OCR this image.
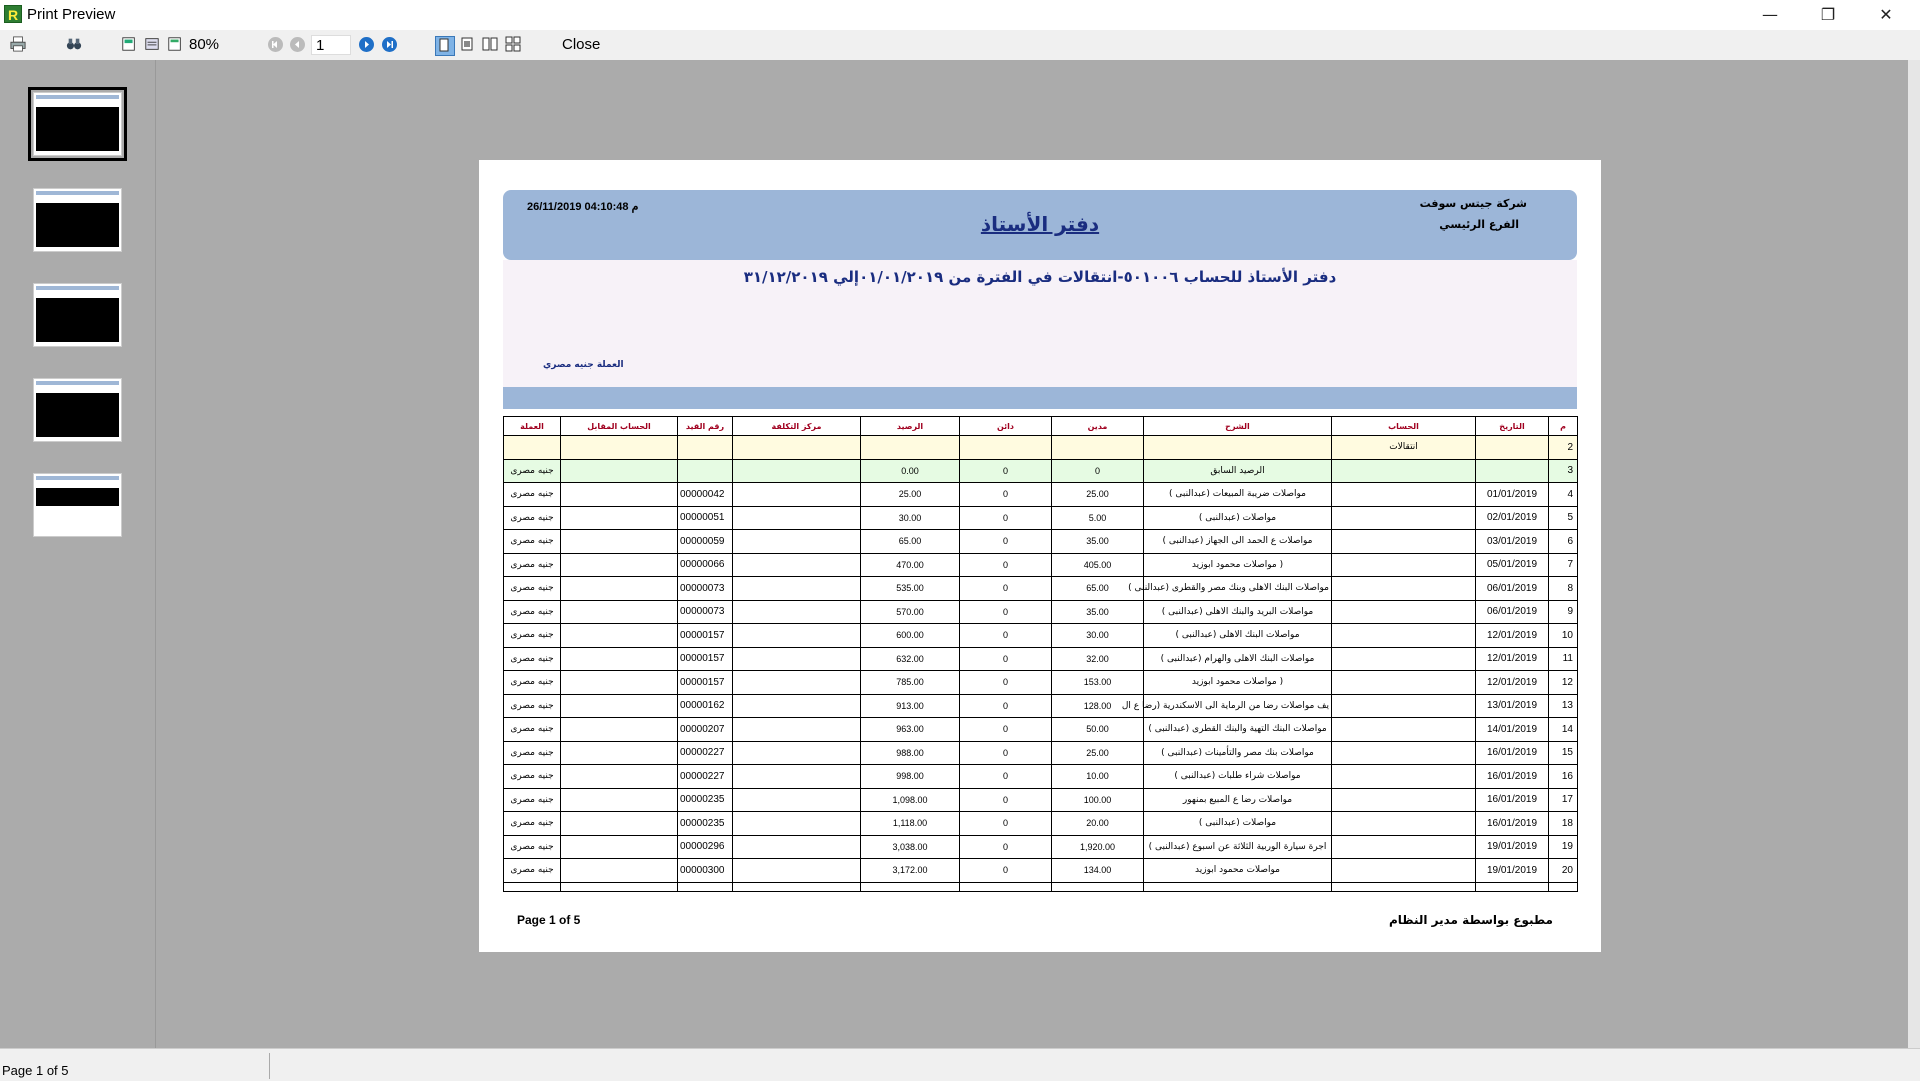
R Print Preview	—	❐	✕
80%	1	Close
26/11/2019 04:10:48 م
دفتر الأستاذ
شركة جيتس سوفت
الفرع الرئيسي
دفتر الأستاذ للحساب ٥٠١٠٠٦-انتقالات في الفترة من ٠١/٠١/٢٠١٩إلي ٣١/١٢/٢٠١٩
العملة جنيه مصري
م	التاريخ	الحساب	الشرح	مدين	دائن	الرصيد	مركز التكلفة	رقم القيد	الحساب المقابل	العملة
2		انتقالات								
3			الرصيد السابق	0	0	0.00				جنيه مصرى
4	01/01/2019		مواصلات ضريبة المبيعات (عبدالنبى )	25.00	0	25.00		00000042		جنيه مصرى
5	02/01/2019		مواصلات (عبدالنبى )	5.00	0	30.00		00000051		جنيه مصرى
6	03/01/2019		مواصلات ع الحمد الى الجهاز (عبدالنبى )	35.00	0	65.00		00000059		جنيه مصرى
7	05/01/2019		( مواصلات محمود ابوزيد	405.00	0	470.00		00000066		جنيه مصرى
8	06/01/2019		مواصلات البنك الاهلى وبنك مصر والقطرى (عبدالنبى )	65.00	0	535.00		00000073		جنيه مصرى
9	06/01/2019		مواصلات البريد والبنك الاهلى (عبدالنبى )	35.00	0	570.00		00000073		جنيه مصرى
10	12/01/2019		مواصلات البنك الاهلى (عبدالنبى )	30.00	0	600.00		00000157		جنيه مصرى
11	12/01/2019		مواصلات البنك الاهلى والهرام (عبدالنبى )	32.00	0	632.00		00000157		جنيه مصرى
12	12/01/2019		( مواصلات محمود ابوزيد	153.00	0	785.00		00000157		جنيه مصرى
13	13/01/2019		يف مواصلات رضا من الرماية الى الاسكندرية (رضا ع ال	128.00	0	913.00		00000162		جنيه مصرى
14	14/01/2019		مواصلات البنك التهية والبنك القطرى (عبدالنبى )	50.00	0	963.00		00000207		جنيه مصرى
15	16/01/2019		مواصلات بنك مصر والتأمينات (عبدالنبى )	25.00	0	988.00		00000227		جنيه مصرى
16	16/01/2019		مواصلات شراء طلبات (عبدالنبى )	10.00	0	998.00		00000227		جنيه مصرى
17	16/01/2019		مواصلات رضا ع المبيع بمنهور	100.00	0	1,098.00		00000235		جنيه مصرى
18	16/01/2019		مواصلات (عبدالنبى )	20.00	0	1,118.00		00000235		جنيه مصرى
19	19/01/2019		اجرة سيارة الوربية الثلاثة عن اسبوع (عبدالنبى )	1,920.00	0	3,038.00		00000296		جنيه مصرى
20	19/01/2019		مواصلات محمود ابوزيد	134.00	0	3,172.00		00000300		جنيه مصرى

Page 1 of 5	مطبوع بواسطة مدير النظام
Page 1 of 5
